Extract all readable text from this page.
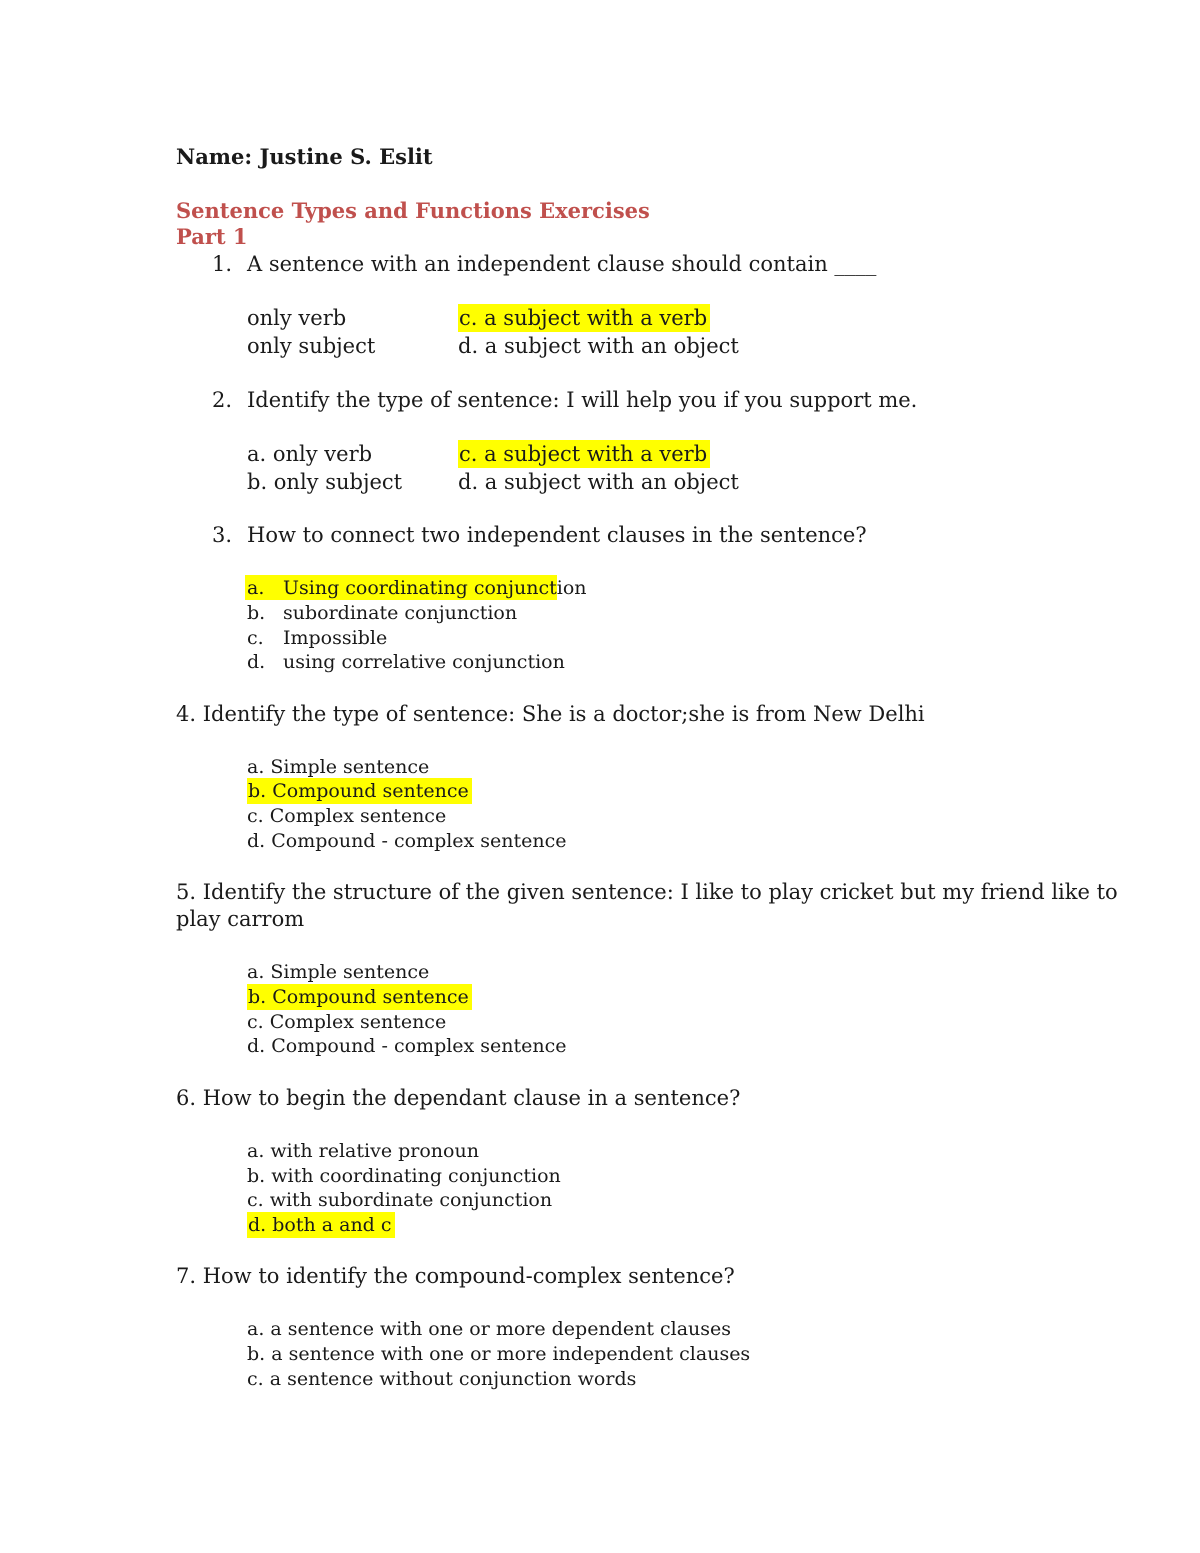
Name: Justine S. Eslit
Sentence Types and Functions Exercises
Part 1
1. A sentence with an independent clause should contain ____
only verb
only subject
c. a subject with a verb
d. a subject with an object
2. Identify the type of sentence: I will help you if you support me.
a. only verb
b. only subject
c. a subject with a verb
d. a subject with an object
3. How to connect two independent clauses in the sentence?
a. Using coordinating conjunction
b. subordinate conjunction
c. Impossible
d. using correlative conjunction
4. Identify the type of sentence: She is a doctor;she is from New Delhi
a. Simple sentence
b. Compound sentence
c. Complex sentence
d. Compound - complex sentence
5. Identify the structure of the given sentence: I like to play cricket but my friend like to
play carrom
a. Simple sentence
b. Compound sentence
c. Complex sentence
d. Compound - complex sentence
6. How to begin the dependant clause in a sentence?
a. with relative pronoun
b. with coordinating conjunction
c. with subordinate conjunction
d. both a and c
7. How to identify the compound-complex sentence?
a. a sentence with one or more dependent clauses
b. a sentence with one or more independent clauses
c. a sentence without conjunction words
